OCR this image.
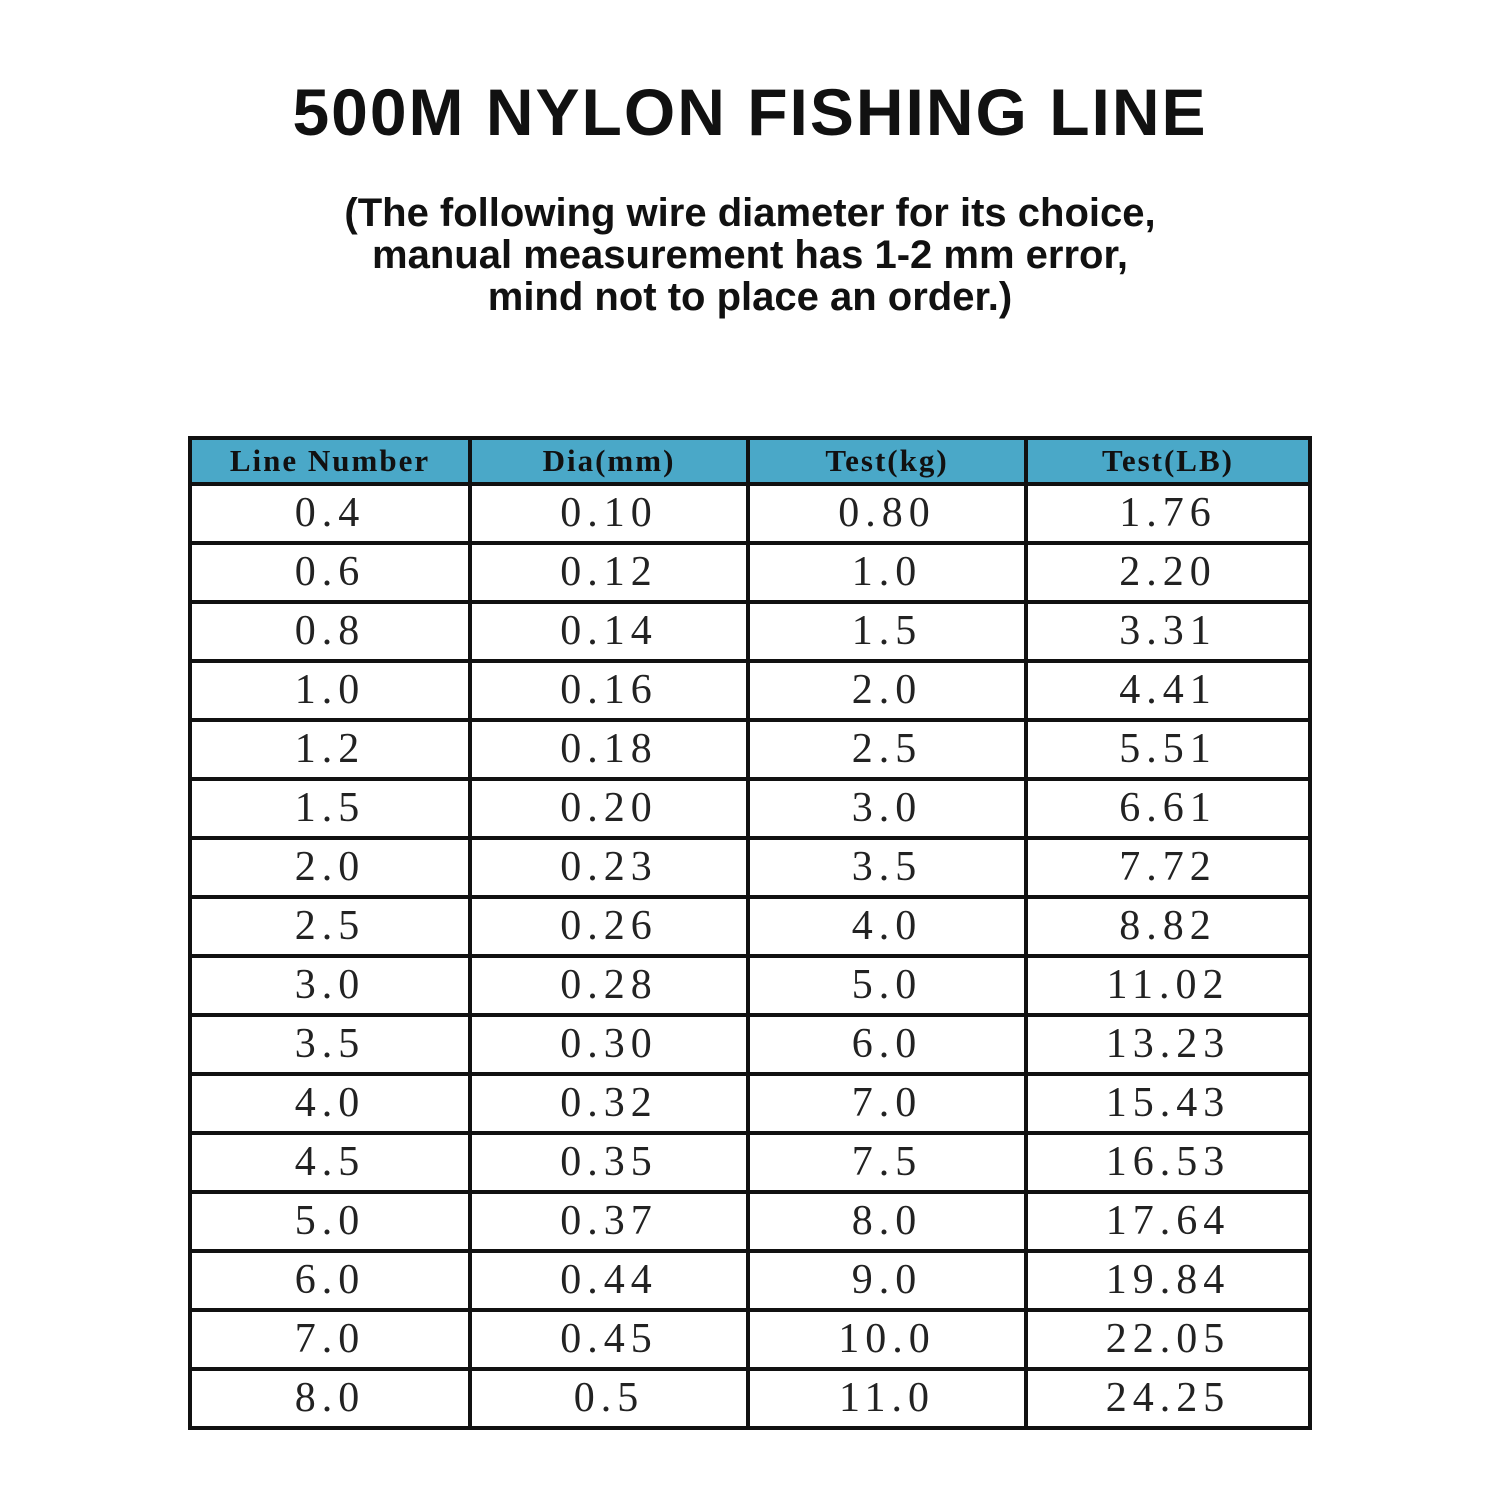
500M NYLON FISHING LINE
(The following wire diameter for its choice,
manual measurement has 1-2 mm error,
mind not to place an order.)
Line Number	Dia(mm)	Test(kg)	Test(LB)
0.4	0.10	0.80	1.76
0.6	0.12	1.0	2.20
0.8	0.14	1.5	3.31
1.0	0.16	2.0	4.41
1.2	0.18	2.5	5.51
1.5	0.20	3.0	6.61
2.0	0.23	3.5	7.72
2.5	0.26	4.0	8.82
3.0	0.28	5.0	11.02
3.5	0.30	6.0	13.23
4.0	0.32	7.0	15.43
4.5	0.35	7.5	16.53
5.0	0.37	8.0	17.64
6.0	0.44	9.0	19.84
7.0	0.45	10.0	22.05
8.0	0.5	11.0	24.25
